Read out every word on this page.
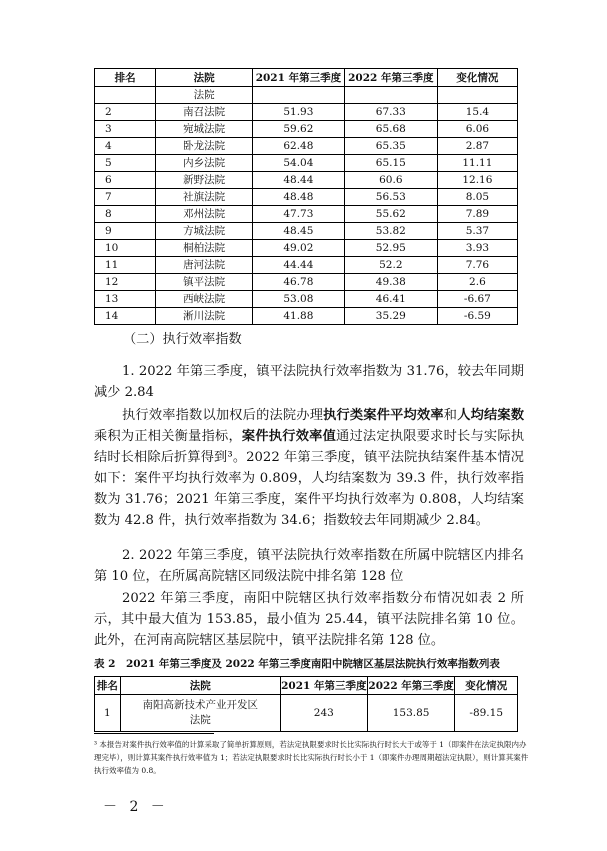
排名	法院	2021 年第三季度	2022 年第三季度	变化情况
	法院			
2	南召法院	51.93	67.33	15.4
3	宛城法院	59.62	65.68	6.06
4	卧龙法院	62.48	65.35	2.87
5	内乡法院	54.04	65.15	11.11
6	新野法院	48.44	60.6	12.16
7	社旗法院	48.48	56.53	8.05
8	邓州法院	47.73	55.62	7.89
9	方城法院	48.45	53.82	5.37
10	桐柏法院	49.02	52.95	3.93
11	唐河法院	44.44	52.2	7.76
12	镇平法院	46.78	49.38	2.6
13	西峡法院	53.08	46.41	-6.67
14	淅川法院	41.88	35.29	-6.59
（二）执行效率指数
1. 2022 年第三季度，镇平法院执行效率指数为 31.76，较去年同期减少 2.84
执行效率指数以加权后的法院办理执行类案件平均效率和人均结案数乘积为正相关衡量指标，案件执行效率值通过法定执限要求时长与实际执结时长相除后折算得到³。2022 年第三季度，镇平法院执结案件基本情况如下：案件平均执行效率为 0.809，人均结案数为 39.3 件，执行效率指数为 31.76；2021 年第三季度，案件平均执行效率为 0.808，人均结案数为 42.8 件，执行效率指数为 34.6；指数较去年同期减少 2.84。
2. 2022 年第三季度，镇平法院执行效率指数在所属中院辖区内排名第 10 位，在所属高院辖区同级法院中排名第 128 位
2022 年第三季度，南阳中院辖区执行效率指数分布情况如表 2 所示，其中最大值为 153.85，最小值为 25.44，镇平法院排名第 10 位。此外，在河南高院辖区基层院中，镇平法院排名第 128 位。
表 2　2021 年第三季度及 2022 年第三季度南阳中院辖区基层法院执行效率指数列表
排名	法院	2021 年第三季度	2022 年第三季度	变化情况
1	南阳高新技术产业开发区法院	243	153.85	-89.15
³ 本报告对案件执行效率值的计算采取了简单折算原则，若法定执限要求时长比实际执行时长大于或等于 1（即案件在法定执限内办理完毕），则计算其案件执行效率值为 1；若法定执限要求时长比实际执行时长小于 1（即案件办理周期超法定执限），则计算其案件执行效率值为 0.8。
－ 2 －
